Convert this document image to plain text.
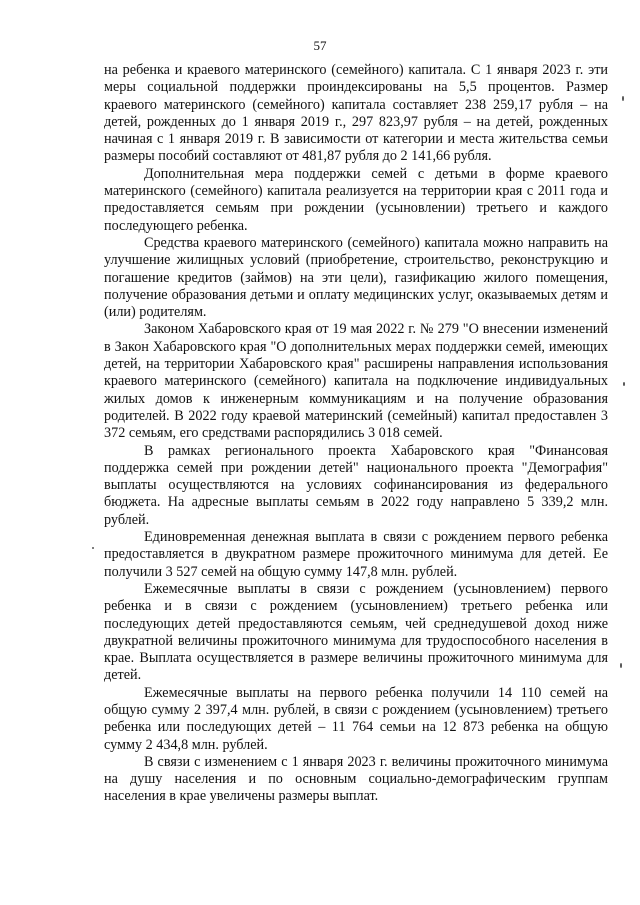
57

на ребенка и краевого материнского (семейного) капитала. С 1 января 2023 г. эти меры социальной поддержки проиндексированы на 5,5 процентов. Размер краевого материнского (семейного) капитала составляет 238 259,17 рубля – на детей, рожденных до 1 января 2019 г., 297 823,97 рубля – на детей, рожденных начиная с 1 января 2019 г. В зависимости от категории и места жительства семьи размеры пособий составляют от 481,87 рубля до 2 141,66 рубля.

Дополнительная мера поддержки семей с детьми в форме краевого материнского (семейного) капитала реализуется на территории края с 2011 года и предоставляется семьям при рождении (усыновлении) третьего и каждого последующего ребенка.

Средства краевого материнского (семейного) капитала можно направить на улучшение жилищных условий (приобретение, строительство, реконструкцию и погашение кредитов (займов) на эти цели), газификацию жилого помещения, получение образования детьми и оплату медицинских услуг, оказываемых детям и (или) родителям.

Законом Хабаровского края от 19 мая 2022 г. № 279 "О внесении изменений в Закон Хабаровского края "О дополнительных мерах поддержки семей, имеющих детей, на территории Хабаровского края" расширены направления использования краевого материнского (семейного) капитала на подключение индивидуальных жилых домов к инженерным коммуникациям и на получение образования родителей. В 2022 году краевой материнский (семейный) капитал предоставлен 3 372 семьям, его средствами распорядились 3 018 семей.

В рамках регионального проекта Хабаровского края "Финансовая поддержка семей при рождении детей" национального проекта "Демография" выплаты осуществляются на условиях софинансирования из федерального бюджета. На адресные выплаты семьям в 2022 году направлено 5 339,2 млн. рублей.

Единовременная денежная выплата в связи с рождением первого ребенка предоставляется в двукратном размере прожиточного минимума для детей. Ее получили 3 527 семей на общую сумму 147,8 млн. рублей.

Ежемесячные выплаты в связи с рождением (усыновлением) первого ребенка и в связи с рождением (усыновлением) третьего ребенка или последующих детей предоставляются семьям, чей среднедушевой доход ниже двукратной величины прожиточного минимума для трудоспособного населения в крае. Выплата осуществляется в размере величины прожиточного минимума для детей.

Ежемесячные выплаты на первого ребенка получили 14 110 семей на общую сумму 2 397,4 млн. рублей, в связи с рождением (усыновлением) третьего ребенка или последующих детей – 11 764 семьи на 12 873 ребенка на общую сумму 2 434,8 млн. рублей.

В связи с изменением с 1 января 2023 г. величины прожиточного минимума на душу населения и по основным социально-демографическим группам населения в крае увеличены размеры выплат.
